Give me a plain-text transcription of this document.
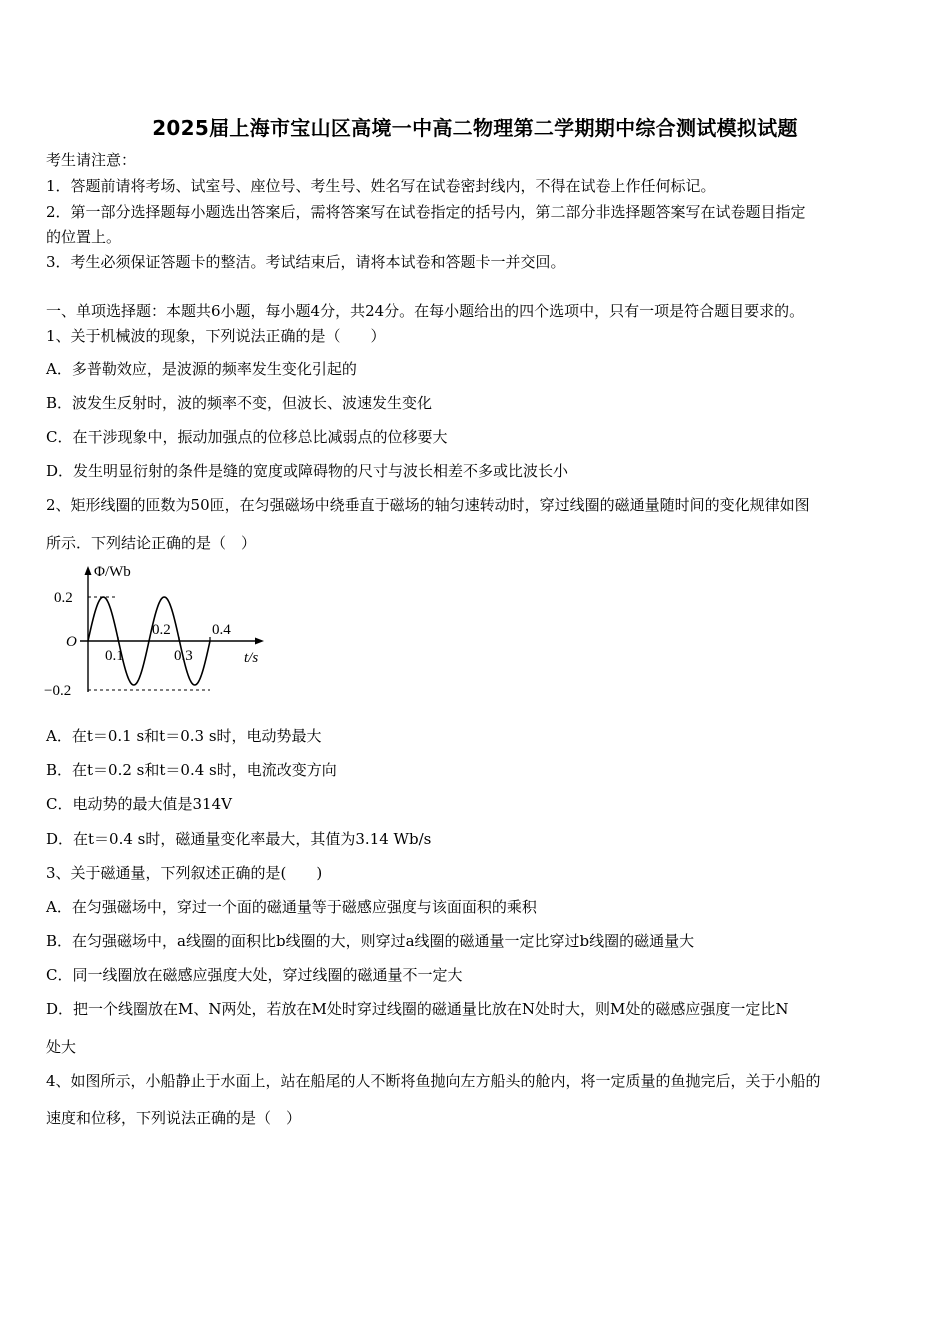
2025届上海市宝山区高境一中高二物理第二学期期中综合测试模拟试题
考生请注意：
1．答题前请将考场、试室号、座位号、考生号、姓名写在试卷密封线内，不得在试卷上作任何标记。
2．第一部分选择题每小题选出答案后，需将答案写在试卷指定的括号内，第二部分非选择题答案写在试卷题目指定
的位置上。
3．考生必须保证答题卡的整洁。考试结束后，请将本试卷和答题卡一并交回。
一、单项选择题：本题共6小题，每小题4分，共24分。在每小题给出的四个选项中，只有一项是符合题目要求的。
1、关于机械波的现象，下列说法正确的是（　　）
A．多普勒效应，是波源的频率发生变化引起的
B．波发生反射时，波的频率不变，但波长、波速发生变化
C．在干涉现象中，振动加强点的位移总比减弱点的位移要大
D．发生明显衍射的条件是缝的宽度或障碍物的尺寸与波长相差不多或比波长小
2、矩形线圈的匝数为50匝，在匀强磁场中绕垂直于磁场的轴匀速转动时，穿过线圈的磁通量随时间的变化规律如图
所示．下列结论正确的是（　）
Φ/Wb
0.2
−0.2
O
0.1
0.2
0.3
0.4
t/s
A．在t＝0.1 s和t＝0.3 s时，电动势最大
B．在t＝0.2 s和t＝0.4 s时，电流改变方向
C．电动势的最大值是314V
D．在t＝0.4 s时，磁通量变化率最大，其值为3.14 Wb/s
3、关于磁通量，下列叙述正确的是(　　)
A．在匀强磁场中，穿过一个面的磁通量等于磁感应强度与该面面积的乘积
B．在匀强磁场中，a线圈的面积比b线圈的大，则穿过a线圈的磁通量一定比穿过b线圈的磁通量大
C．同一线圈放在磁感应强度大处，穿过线圈的磁通量不一定大
D．把一个线圈放在M、N两处，若放在M处时穿过线圈的磁通量比放在N处时大，则M处的磁感应强度一定比N
处大
4、如图所示，小船静止于水面上，站在船尾的人不断将鱼抛向左方船头的舱内，将一定质量的鱼抛完后，关于小船的
速度和位移，下列说法正确的是（　）
